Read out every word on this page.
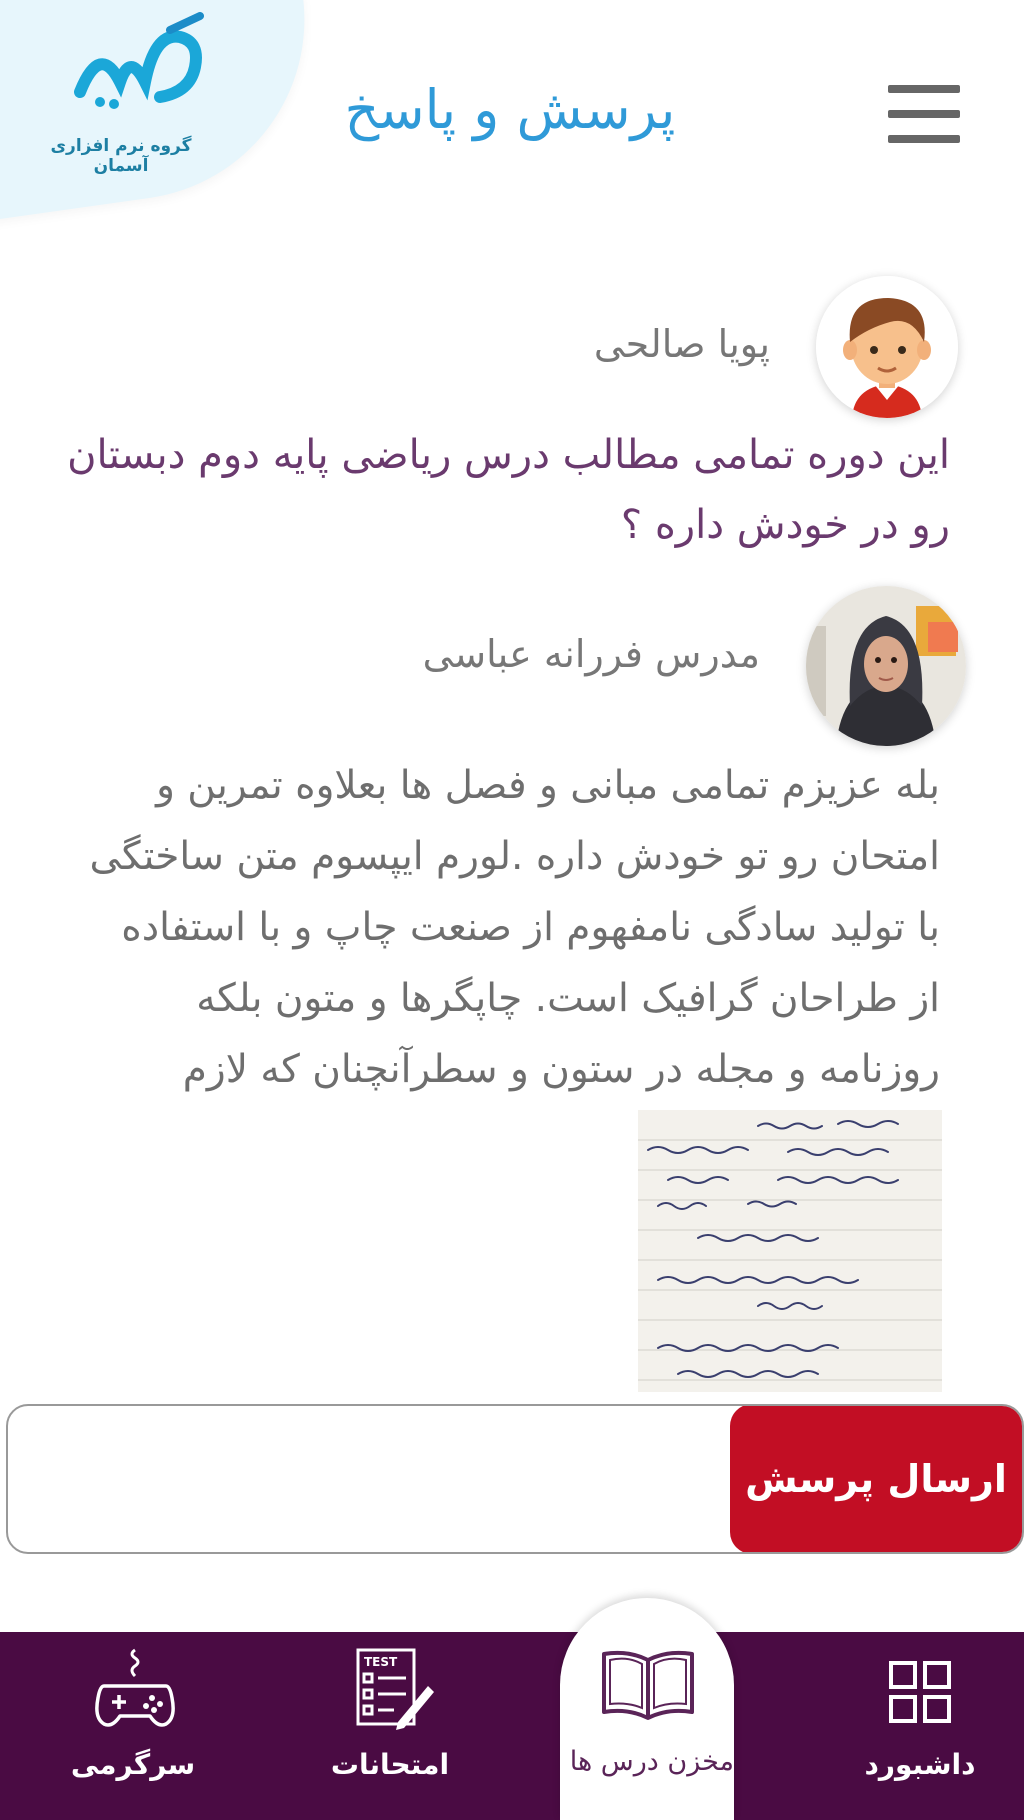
گروه نرم افزاری آسمان
پرسش و پاسخ
پویا صالحی
این دوره تمامی مطالب درس ریاضی پایه دوم دبستان رو در خودش داره ؟
مدرس فررانه عباسی
بله عزیزم تمامی مبانی و فصل ها بعلاوه تمرین و امتحان رو تو خودش داره .لورم ایپسوم متن ساختگی با تولید سادگی نامفهوم از صنعت چاپ و با استفاده از طراحان گرافیک است. چاپگرها و متون بلکه روزنامه و مجله در ستون و سطرآنچنان که لازم
ارسال پرسش
سرگرمی
TEST
امتحانات	داشبورد
مخزن درس ها
